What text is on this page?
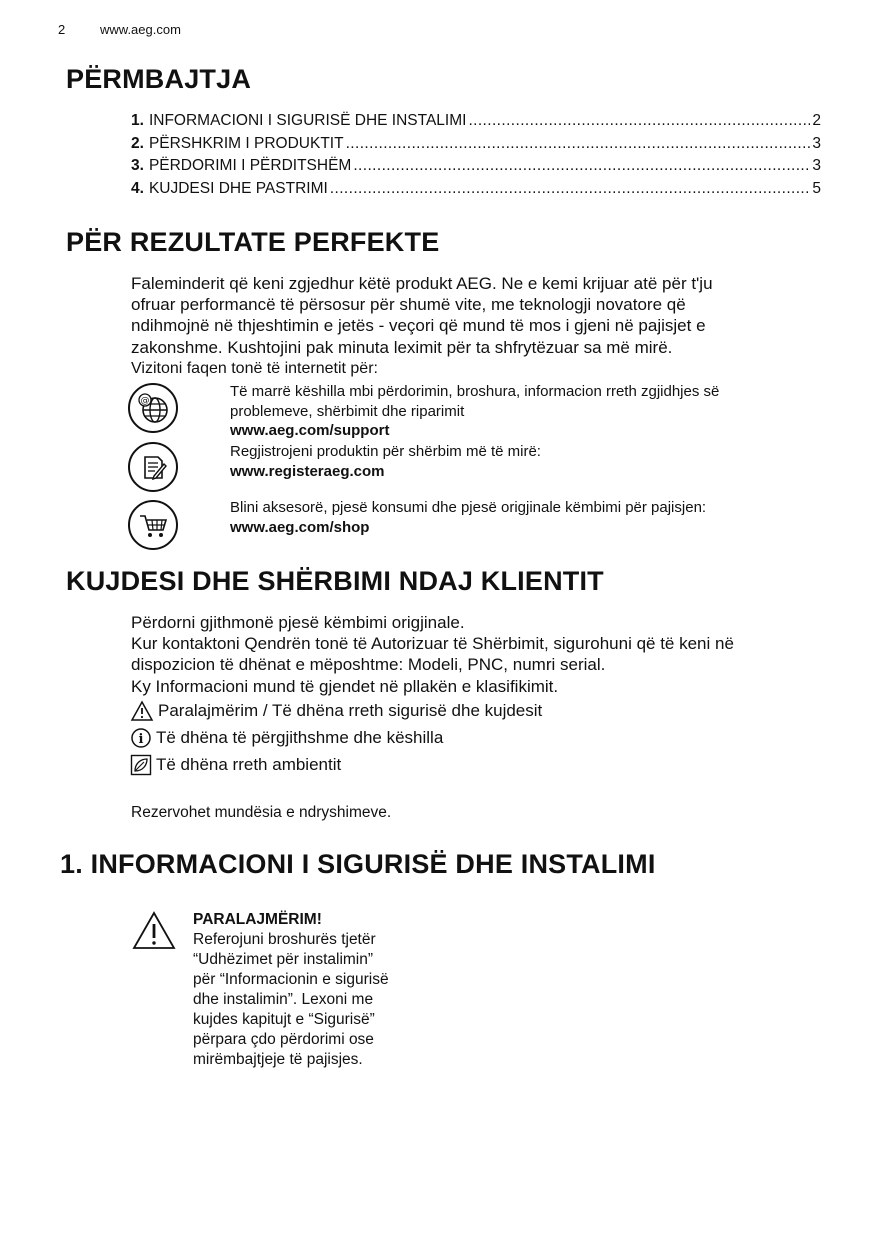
2	www.aeg.com
PËRMBAJTJA
1. INFORMACIONI I SIGURISË DHE INSTALIMI .....	2
2. PËRSHKRIM I PRODUKTIT .....	3
3. PËRDORIMI I PËRDITSHËM .....	3
4. KUJDESI DHE PASTRIMI .....	5
PËR REZULTATE PERFEKTE

Faleminderit që keni zgjedhur këtë produkt AEG. Ne e kemi krijuar atë për t'ju

ofruar performancë të përsosur për shumë vite, me teknologji novatore që

ndihmojnë në thjeshtimin e jetës - veçori që mund të mos i gjeni në pajisjet e

zakonshme. Kushtojini pak minuta leximit për ta shfrytëzuar sa më mirë.

Vizitoni faqen tonë të internetit për:

@
Të marrë këshilla mbi përdorimin, broshura, informacion rreth zgjidhjes së
problemeve, shërbimit dhe riparimit
www.aeg.com/support
Regjistrojeni produktin për shërbim më të mirë:
www.registeraeg.com
Blini aksesorë, pjesë konsumi dhe pjesë origjinale këmbimi për pajisjen:
www.aeg.com/shop
KUJDESI DHE SHËRBIMI NDAJ KLIENTIT

Përdorni gjithmonë pjesë këmbimi origjinale.

Kur kontaktoni Qendrën tonë të Autorizuar të Shërbimit, sigurohuni që të keni në

dispozicion të dhënat e mëposhtme: Modeli, PNC, numri serial.

Ky Informacioni mund të gjendet në pllakën e klasifikimit.

Paralajmërim / Të dhëna rreth sigurisë dhe kujdesit
i Të dhëna të përgjithshme dhe këshilla
Të dhëna rreth ambientit
Rezervohet mundësia e ndryshimeve.
1. INFORMACIONI I SIGURISË DHE INSTALIMI
PARALAJMËRIM!
Referojuni broshurës tjetër
“Udhëzimet për instalimin”
për “Informacionin e sigurisë
dhe instalimin”. Lexoni me
kujdes kapitujt e “Sigurisë”
përpara çdo përdorimi ose
mirëmbajtjeje të pajisjes.
